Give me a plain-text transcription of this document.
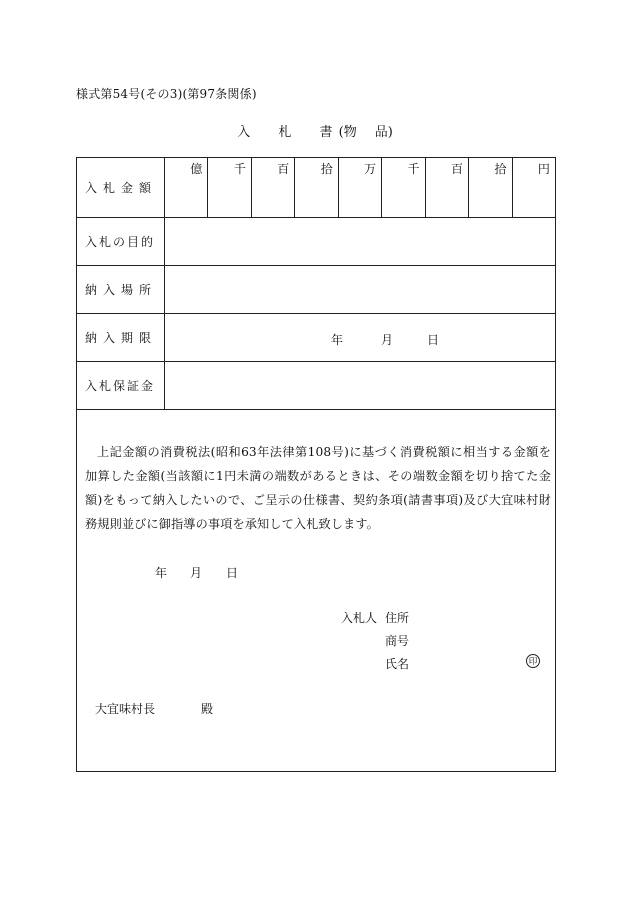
様式第54号(その3)(第97条関係)
入 札 書 (物 品)
入札金額
億	千	百	拾	万	千	百	拾	円
入札の目的
納入場所
納入期限	年	月	日
入札保証金
上記金額の消費税法(昭和63年法律第108号)に基づく消費税額に相当する金額を加算した金額(当該額に1円未満の端数があるときは、その端数金額を切り捨てた金額)をもって納入したいので、ご呈示の仕様書、契約条項(請書事項)及び大宜味村財務規則並びに御指導の事項を承知して入札致します。
年 月 日
入札人 住所
商号
氏名	印
大宜味村長	殿
